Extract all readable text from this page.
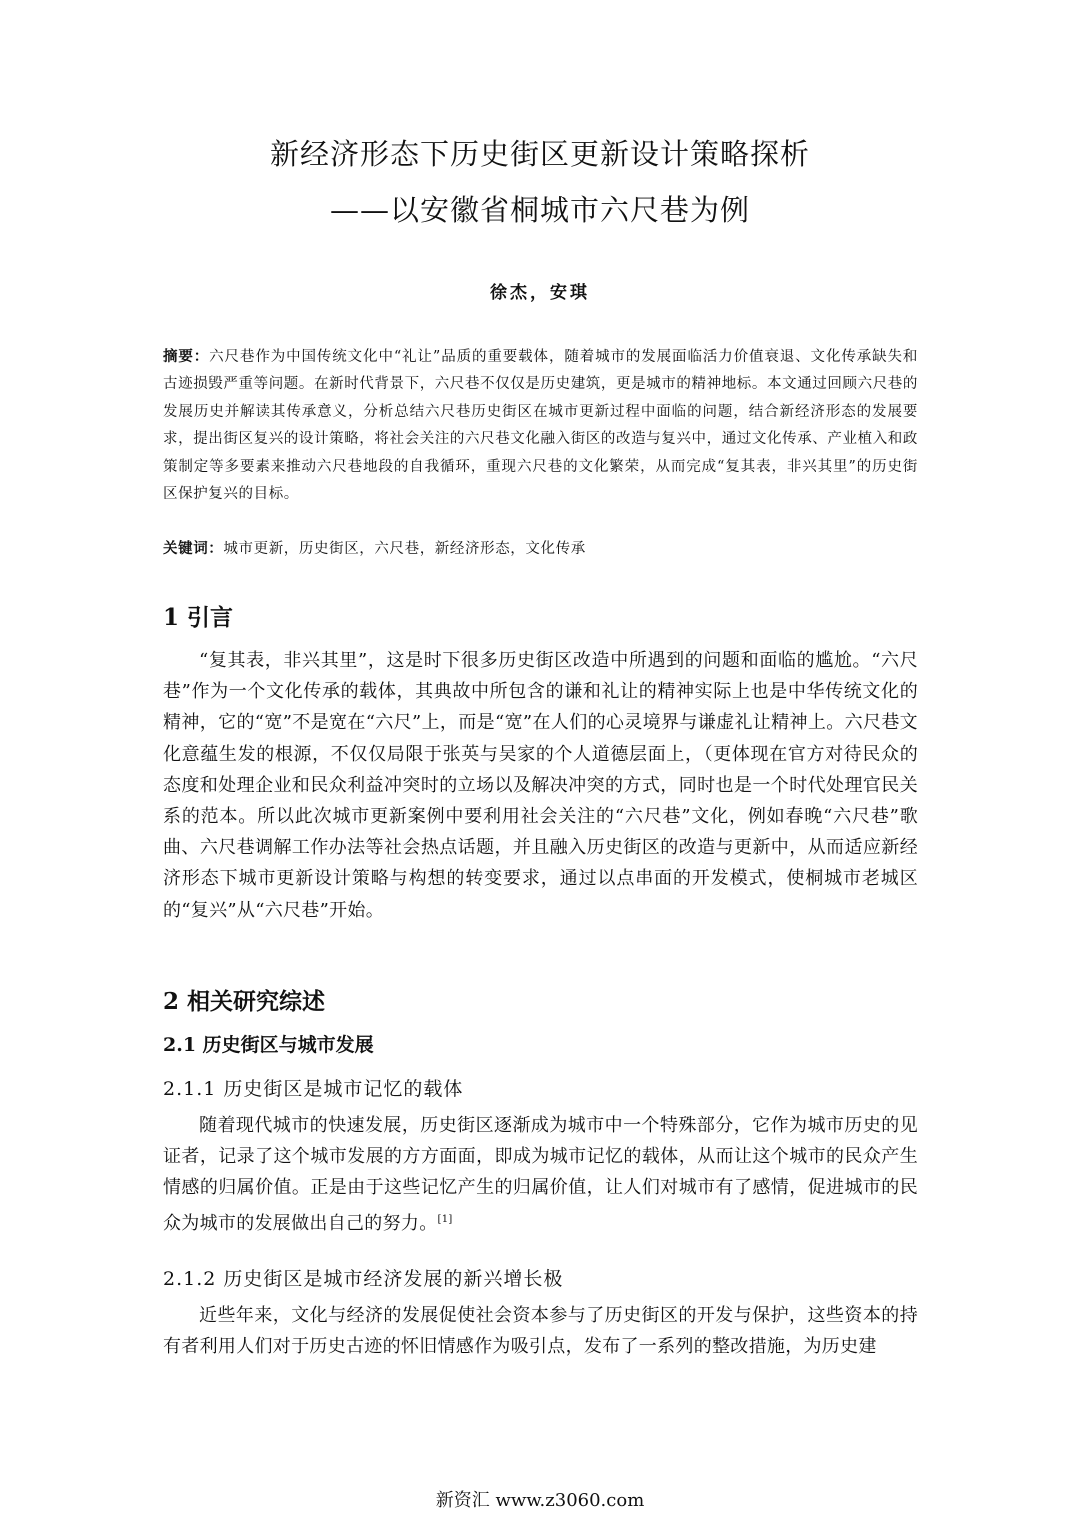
新经济形态下历史街区更新设计策略探析
——以安徽省桐城市六尺巷为例
徐杰，安琪
摘要：六尺巷作为中国传统文化中“礼让”品质的重要载体，随着城市的发展面临活力价值衰退、文化传承缺失和古迹损毁严重等问题。在新时代背景下，六尺巷不仅仅是历史建筑，更是城市的精神地标。本文通过回顾六尺巷的发展历史并解读其传承意义，分析总结六尺巷历史街区在城市更新过程中面临的问题，结合新经济形态的发展要求，提出街区复兴的设计策略，将社会关注的六尺巷文化融入街区的改造与复兴中，通过文化传承、产业植入和政策制定等多要素来推动六尺巷地段的自我循环，重现六尺巷的文化繁荣，从而完成“复其表，非兴其里”的历史街区保护复兴的目标。
关键词：城市更新，历史街区，六尺巷，新经济形态，文化传承
1 引言
“复其表，非兴其里”，这是时下很多历史街区改造中所遇到的问题和面临的尴尬。“六尺巷”作为一个文化传承的载体，其典故中所包含的谦和礼让的精神实际上也是中华传统文化的精神，它的“宽”不是宽在“六尺”上，而是“宽”在人们的心灵境界与谦虚礼让精神上。六尺巷文化意蕴生发的根源，不仅仅局限于张英与吴家的个人道德层面上，（更体现在官方对待民众的态度和处理企业和民众利益冲突时的立场以及解决冲突的方式，同时也是一个时代处理官民关系的范本。所以此次城市更新案例中要利用社会关注的“六尺巷”文化，例如春晚“六尺巷”歌曲、六尺巷调解工作办法等社会热点话题，并且融入历史街区的改造与更新中，从而适应新经济形态下城市更新设计策略与构想的转变要求，通过以点串面的开发模式，使桐城市老城区的“复兴”从“六尺巷”开始。
2 相关研究综述
2.1 历史街区与城市发展
2.1.1 历史街区是城市记忆的载体
随着现代城市的快速发展，历史街区逐渐成为城市中一个特殊部分，它作为城市历史的见证者，记录了这个城市发展的方方面面，即成为城市记忆的载体，从而让这个城市的民众产生情感的归属价值。正是由于这些记忆产生的归属价值，让人们对城市有了感情，促进城市的民众为城市的发展做出自己的努力。[1]
2.1.2 历史街区是城市经济发展的新兴增长极
近些年来，文化与经济的发展促使社会资本参与了历史街区的开发与保护，这些资本的持有者利用人们对于历史古迹的怀旧情感作为吸引点，发布了一系列的整改措施，为历史建
新资汇 www.z3060.com
